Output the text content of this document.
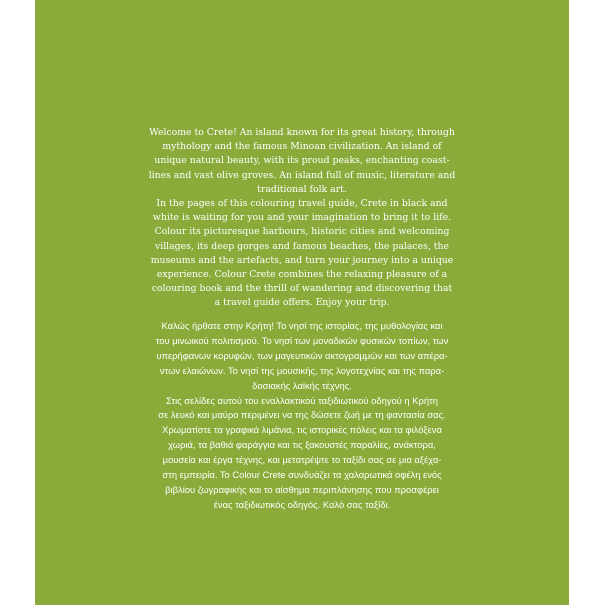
Welcome to Crete! An island known for its great history, through
mythology and the famous Minoan civilization. An island of
unique natural beauty, with its proud peaks, enchanting coast-
lines and vast olive groves. An island full of music, literature and
traditional folk art.
In the pages of this colouring travel guide, Crete in black and
white is waiting for you and your imagination to bring it to life.
Colour its picturesque harbours, historic cities and welcoming
villages, its deep gorges and famous beaches, the palaces, the
museums and the artefacts, and turn your journey into a unique
experience. Colour Crete combines the relaxing pleasure of a
colouring book and the thrill of wandering and discovering that
a travel guide offers. Enjoy your trip.
Καλώς ήρθατε στην Κρήτη! Το νησί της ιστορίας, της μυθολογίας και
του μινωικού πολιτισμού. Το νησί των μοναδικών φυσικών τοπίων, των
υπερήφανων κορυφών, των μαγευτικών ακτογραμμών και των απέρα-
ντων ελαιώνων. Το νησί της μουσικής, της λογοτεχνίας και της παρα-
δοσιακής λαϊκής τέχνης.
Στις σελίδες αυτού του εναλλακτικού ταξιδιωτικού οδηγού η Κρήτη
σε λευκό και μαύρο περιμένει να της δώσετε ζωή με τη φαντασία σας.
Χρωματίστε τα γραφικά λιμάνια, τις ιστορικές πόλεις και τα φιλόξενα
χωριά, τα βαθιά φαράγγια και τις ξακουστές παραλίες, ανάκτορα,
μουσεία και έργα τέχνης, και μετατρέψτε το ταξίδι σας σε μια αξέχα-
στη εμπειρία. Το Colour Crete συνδυάζει τα χαλαρωτικά οφέλη ενός
βιβλίου ζωγραφικής και το αίσθημα περιπλάνησης που προσφέρει
ένας ταξιδιωτικός οδηγός. Καλό σας ταξίδι.
